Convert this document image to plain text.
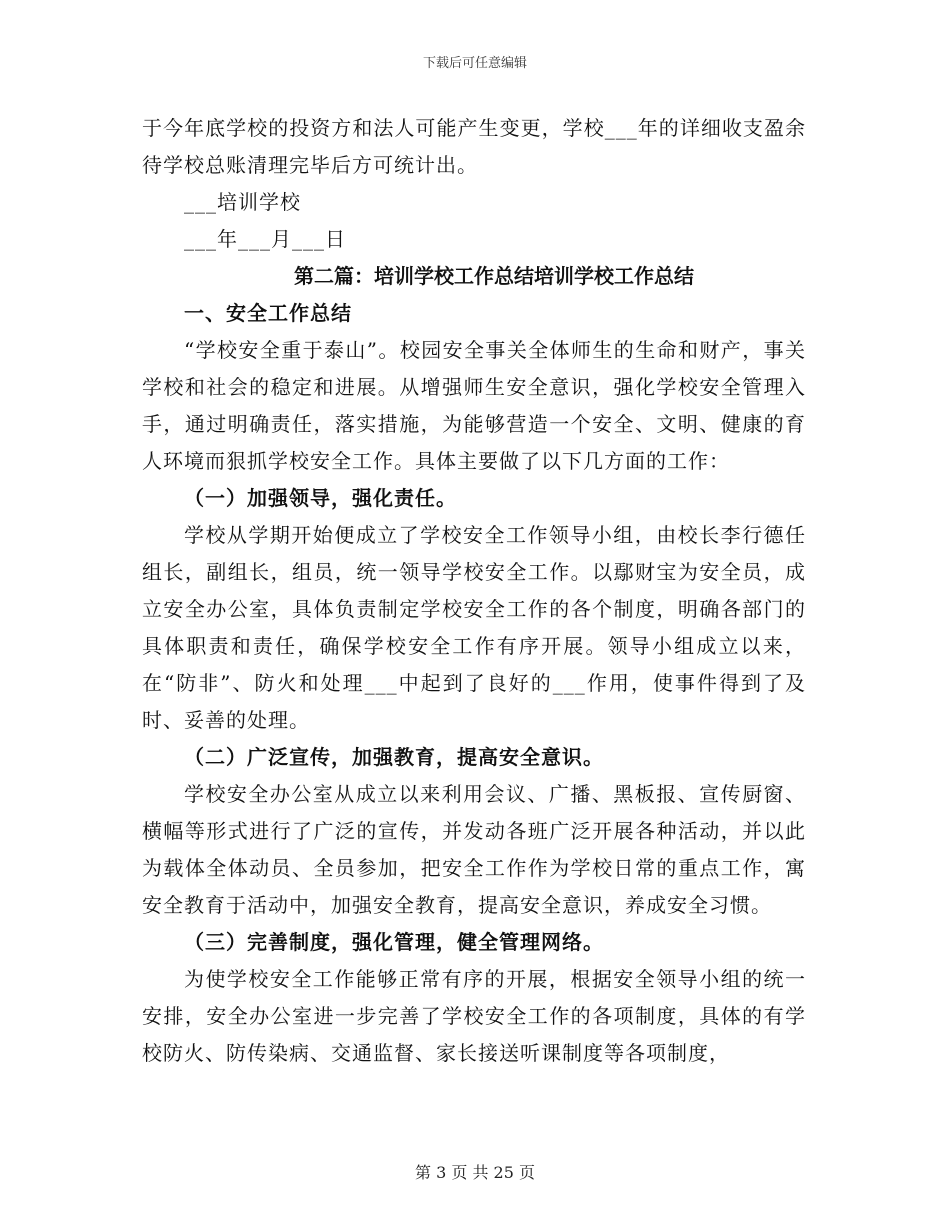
下载后可任意编辑

于今年底学校的投资方和法人可能产生变更，学校___年的详细收支盈余待学校总账清理完毕后方可统计出。

___培训学校

___年___月___日

第二篇：培训学校工作总结培训学校工作总结

一、安全工作总结

“学校安全重于泰山”。校园安全事关全体师生的生命和财产，事关学校和社会的稳定和进展。从增强师生安全意识，强化学校安全管理入手，通过明确责任，落实措施，为能够营造一个安全、文明、健康的育人环境而狠抓学校安全工作。具体主要做了以下几方面的工作：

（一）加强领导，强化责任。

学校从学期开始便成立了学校安全工作领导小组，由校长李行德任组长，副组长，组员，统一领导学校安全工作。以鄢财宝为安全员，成立安全办公室，具体负责制定学校安全工作的各个制度，明确各部门的具体职责和责任，确保学校安全工作有序开展。领导小组成立以来，在“防非”、防火和处理___中起到了良好的___作用，使事件得到了及时、妥善的处理。

（二）广泛宣传，加强教育，提高安全意识。

学校安全办公室从成立以来利用会议、广播、黑板报、宣传厨窗、横幅等形式进行了广泛的宣传，并发动各班广泛开展各种活动，并以此为载体全体动员、全员参加，把安全工作作为学校日常的重点工作，寓安全教育于活动中，加强安全教育，提高安全意识，养成安全习惯。

（三）完善制度，强化管理，健全管理网络。

为使学校安全工作能够正常有序的开展，根据安全领导小组的统一安排，安全办公室进一步完善了学校安全工作的各项制度，具体的有学校防火、防传染病、交通监督、家长接送听课制度等各项制度，

第 3 页 共 25 页
